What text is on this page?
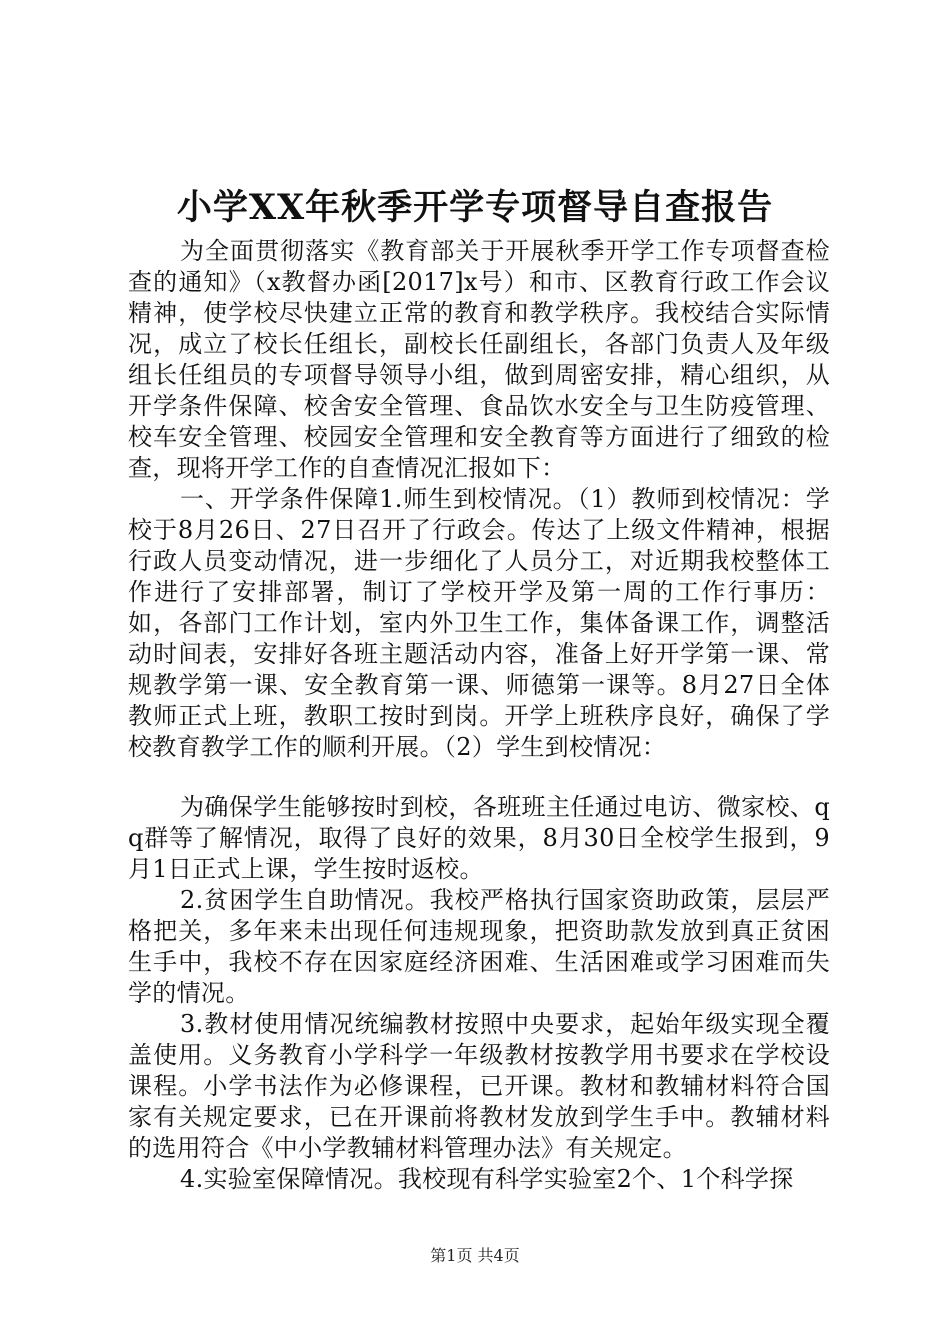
小学XX年秋季开学专项督导自查报告

为全面贯彻落实《教育部关于开展秋季开学工作专项督查检查的通知》（x教督办函[2017]x号）和市、区教育行政工作会议精神，使学校尽快建立正常的教育和教学秩序。我校结合实际情况，成立了校长任组长，副校长任副组长，各部门负责人及年级组长任组员的专项督导领导小组，做到周密安排，精心组织，从开学条件保障、校舍安全管理、食品饮水安全与卫生防疫管理、校车安全管理、校园安全管理和安全教育等方面进行了细致的检查，现将开学工作的自查情况汇报如下：

一、开学条件保障1.师生到校情况。（1）教师到校情况：学校于8月26日、27日召开了行政会。传达了上级文件精神，根据行政人员变动情况，进一步细化了人员分工，对近期我校整体工作进行了安排部署，制订了学校开学及第一周的工作行事历：如，各部门工作计划，室内外卫生工作，集体备课工作，调整活动时间表，安排好各班主题活动内容，准备上好开学第一课、常规教学第一课、安全教育第一课、师德第一课等。8月27日全体教师正式上班，教职工按时到岗。开学上班秩序良好，确保了学校教育教学工作的顺利开展。（2）学生到校情况：

为确保学生能够按时到校，各班班主任通过电访、微家校、qq群等了解情况，取得了良好的效果，8月30日全校学生报到，9月1日正式上课，学生按时返校。

2.贫困学生自助情况。我校严格执行国家资助政策，层层严格把关，多年来未出现任何违规现象，把资助款发放到真正贫困生手中，我校不存在因家庭经济困难、生活困难或学习困难而失学的情况。

3.教材使用情况统编教材按照中央要求，起始年级实现全覆盖使用。义务教育小学科学一年级教材按教学用书要求在学校设课程。小学书法作为必修课程，已开课。教材和教辅材料符合国家有关规定要求，已在开课前将教材发放到学生手中。教辅材料的选用符合《中小学教辅材料管理办法》有关规定。

4.实验室保障情况。我校现有科学实验室2个、1个科学探

第1页 共4页
